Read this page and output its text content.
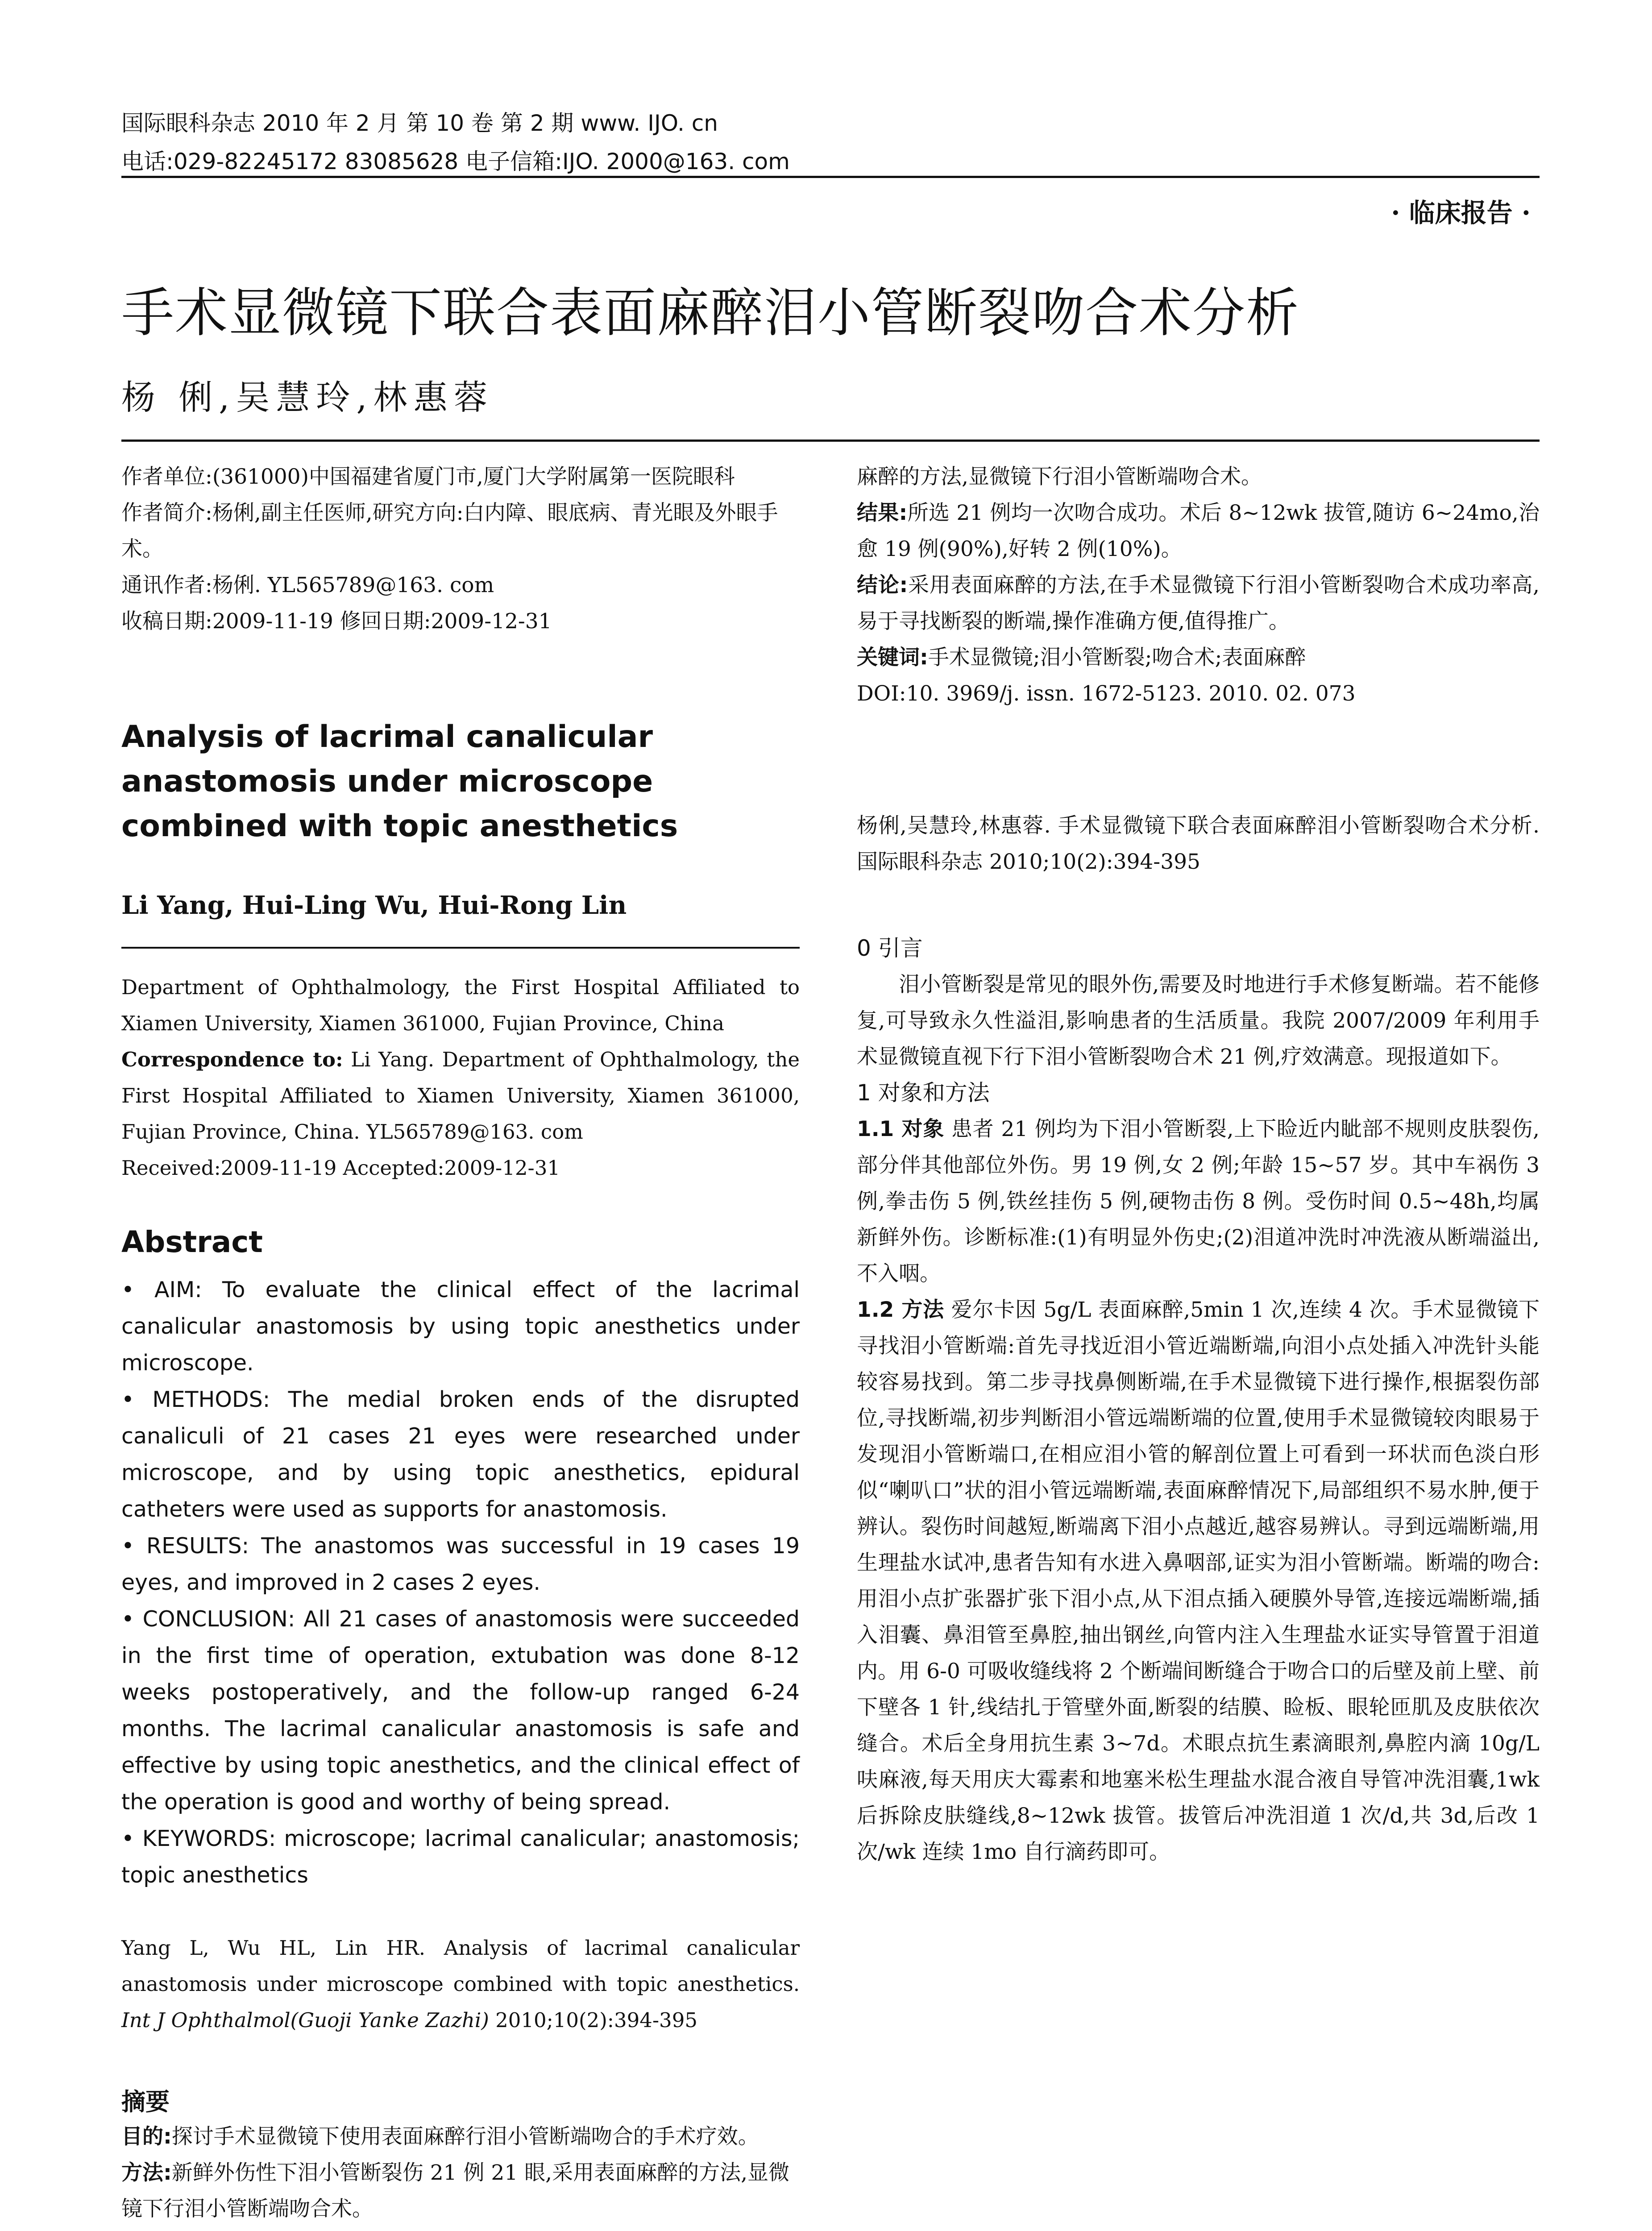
国际眼科杂志 2010 年 2 月 第 10 卷 第 2 期 www. IJO. cn
电话:029-82245172 83085628 电子信箱:IJO. 2000@163. com
· 临床报告 ·
手术显微镜下联合表面麻醉泪小管断裂吻合术分析
杨 俐,吴慧玲,林惠蓉

作者单位:(361000)中国福建省厦门市,厦门大学附属第一医院眼科

作者简介:杨俐,副主任医师,研究方向:白内障、眼底病、青光眼及外眼手术。

通讯作者:杨俐. YL565789@163. com

收稿日期:2009-11-19 修回日期:2009-12-31

Analysis of lacrimal canalicular anastomosis under microscope combined with topic anesthetics
Li Yang, Hui-Ling Wu, Hui-Rong Lin

Department of Ophthalmology, the First Hospital Affiliated to Xiamen University, Xiamen 361000, Fujian Province, China

Correspondence to: Li Yang. Department of Ophthalmology, the First Hospital Affiliated to Xiamen University, Xiamen 361000, Fujian Province, China. YL565789@163. com

Received:2009-11-19 Accepted:2009-12-31

Abstract

• AIM: To evaluate the clinical effect of the lacrimal canalicular anastomosis by using topic anesthetics under microscope.

• METHODS: The medial broken ends of the disrupted canaliculi of 21 cases 21 eyes were researched under microscope, and by using topic anesthetics, epidural catheters were used as supports for anastomosis.

• RESULTS: The anastomos was successful in 19 cases 19 eyes, and improved in 2 cases 2 eyes.

• CONCLUSION: All 21 cases of anastomosis were succeeded in the first time of operation, extubation was done 8-12 weeks postoperatively, and the follow-up ranged 6-24 months. The lacrimal canalicular anastomosis is safe and effective by using topic anesthetics, and the clinical effect of the operation is good and worthy of being spread.

• KEYWORDS: microscope; lacrimal canalicular; anastomosis; topic anesthetics

Yang L, Wu HL, Lin HR. Analysis of lacrimal canalicular anastomosis under microscope combined with topic anesthetics. Int J Ophthalmol(Guoji Yanke Zazhi) 2010;10(2):394-395

摘要

目的:探讨手术显微镜下使用表面麻醉行泪小管断端吻合的手术疗效。

方法:新鲜外伤性下泪小管断裂伤 21 例 21 眼,采用表面麻醉的方法,显微镜下行泪小管断端吻合术。

麻醉的方法,显微镜下行泪小管断端吻合术。

结果:所选 21 例均一次吻合成功。术后 8~12wk 拔管,随访 6~24mo,治愈 19 例(90%),好转 2 例(10%)。

结论:采用表面麻醉的方法,在手术显微镜下行泪小管断裂吻合术成功率高,易于寻找断裂的断端,操作准确方便,值得推广。

关键词:手术显微镜;泪小管断裂;吻合术;表面麻醉

DOI:10. 3969/j. issn. 1672-5123. 2010. 02. 073

杨俐,吴慧玲,林惠蓉. 手术显微镜下联合表面麻醉泪小管断裂吻合术分析. 国际眼科杂志 2010;10(2):394-395

0 引言

泪小管断裂是常见的眼外伤,需要及时地进行手术修复断端。若不能修复,可导致永久性溢泪,影响患者的生活质量。我院 2007/2009 年利用手术显微镜直视下行下泪小管断裂吻合术 21 例,疗效满意。现报道如下。

1 对象和方法

1.1 对象 患者 21 例均为下泪小管断裂,上下睑近内眦部不规则皮肤裂伤,部分伴其他部位外伤。男 19 例,女 2 例;年龄 15~57 岁。其中车祸伤 3 例,拳击伤 5 例,铁丝挂伤 5 例,硬物击伤 8 例。受伤时间 0.5~48h,均属新鲜外伤。诊断标准:(1)有明显外伤史;(2)泪道冲洗时冲洗液从断端溢出,不入咽。

1.2 方法 爱尔卡因 5g/L 表面麻醉,5min 1 次,连续 4 次。手术显微镜下寻找泪小管断端:首先寻找近泪小管近端断端,向泪小点处插入冲洗针头能较容易找到。第二步寻找鼻侧断端,在手术显微镜下进行操作,根据裂伤部位,寻找断端,初步判断泪小管远端断端的位置,使用手术显微镜较肉眼易于发现泪小管断端口,在相应泪小管的解剖位置上可看到一环状而色淡白形似“喇叭口”状的泪小管远端断端,表面麻醉情况下,局部组织不易水肿,便于辨认。裂伤时间越短,断端离下泪小点越近,越容易辨认。寻到远端断端,用生理盐水试冲,患者告知有水进入鼻咽部,证实为泪小管断端。断端的吻合:用泪小点扩张器扩张下泪小点,从下泪点插入硬膜外导管,连接远端断端,插入泪囊、鼻泪管至鼻腔,抽出钢丝,向管内注入生理盐水证实导管置于泪道内。用 6-0 可吸收缝线将 2 个断端间断缝合于吻合口的后壁及前上壁、前下壁各 1 针,线结扎于管壁外面,断裂的结膜、睑板、眼轮匝肌及皮肤依次缝合。术后全身用抗生素 3~7d。术眼点抗生素滴眼剂,鼻腔内滴 10g/L 呋麻液,每天用庆大霉素和地塞米松生理盐水混合液自导管冲洗泪囊,1wk 后拆除皮肤缝线,8~12wk 拔管。拔管后冲洗泪道 1 次/d,共 3d,后改 1 次/wk 连续 1mo 自行滴药即可。
